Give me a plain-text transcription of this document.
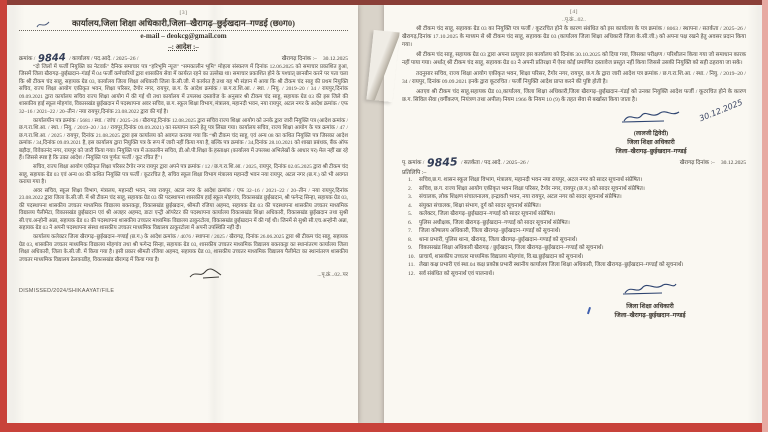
[3]
कार्यालय,जिला शिक्षा अधिकारी,जिला–खैरागढ़–छुईखदान–गण्डई (छ0ग0)
e-mail – deokcg@gmail.com
–: आदेश :–
क्रमांक / 9844 / कार्यालय / पद.आदे. / 2025–26 /	खैरागढ़ दिनांक :– 30.12.2025

“दो जिलों में फर्जी नियुक्ति का नेटवर्क” दैनिक समाचार पत्र “हरिभूमि न्यूज” “समकालीन भूमि” मोहला संस्करण में दिनांक 12.06.2025 को समाचार प्रकाशित हुआ, जिसमें जिला खैरागढ़–छुईखदान–गंडई में 04 फर्जी कर्मचारियों द्वारा शासकीय सेवा में कार्यरत रहने का उल्लेख था। समाचार प्रकाशित होने के पश्चात् छानबीन करने पर पता चला कि श्री टीकम चंद साहू, सहायक ग्रेड 03, कार्यालय जिला शिक्षा अधिकारी जिला के.सी.जी. में कार्यरत है तथा यह भी संज्ञान में आया कि श्री टीकम चंद साहू की प्रथम नियुक्ति सचिव, राज्य शिक्षा आयोग एकीकृत भवन, शिक्षा परिसर, टैगोर नगर, रायपुर, छ.ग. के आदेश क्रमांक / छ.ग.रा.शि.आ. / स्था. / नियु. / 2019–20 / 34 / रायपुर,दिनांक 09.09.2021 द्वारा कार्यालय सचिव राज्य शिक्षा आयोग में की गई थी तथा कार्यालय में उपलब्ध दस्तावेज के अनुसार श्री टीकम चंद साहू, सहायक ग्रेड 03 की इस जिले की शासकीय हाई स्कूल मोहगांव, विकासखंड छुईखदान में पदस्थापना अवर सचिव, छ.ग. स्कूल शिक्षा विभाग, मंत्रालय, महानदी भवन, नया रायपुर, अटल नगर के आदेश क्रमांक / एफ 32–16 / 2021–22 / 20–तीन / नया रायपुर,दिनांक 23.08.2022 द्वारा की गई है।

कार्यालयीन पत्र क्रमांक / 5681 / स्था. / जांच / 2025–26 / खैरागढ़,दिनांक 12.08.2025 द्वारा सचिव राज्य शिक्षा आयोग को उनके द्वारा जारी नियुक्ति पत्र (आदेश क्रमांक / छ.ग.रा.शि.आ. / स्था. / नियु. / 2019–20 / 34 / रायपुर,दिनांक 09.09.2021) का सत्यापन करने हेतु पत्र लिखा गया। कार्यालय सचिव, राज्य शिक्षा आयोग के पत्र क्रमांक / 47 / छ.ग.रा.शि.आ. / 2025 / रायपुर, दिनांक 21.08.2025 द्वारा इस कार्यालय को अवगत कराया गया कि “श्री टीकम चंद साहू, एवं अन्य 08 का कथित नियुक्ति पत्र जिसका आदेश क्रमांक / 34,दिनांक 09.09.2021 है, इस कार्यालय द्वारा नियुक्ति पत्र के रूप में जारी नहीं किया गया है, बल्कि पत्र क्रमांक / 34,दिनांक 28.10.2021 को शाखा प्रबंधक, बैंक ऑफ बड़ौदा, विवेकानंद नगर, रायपुर को जारी किया गया। नियुक्ति पत्र में तत्कालीन सचिव, डी.ओ.पी.शिक्षा के हस्ताक्षर (कार्यालय में उपलब्ध अभिलेखों के आधार पर) मेल नहीं खा रहे हैं। जिससे स्पष्ट है कि उक्त आदेश / नियुक्ति पत्र पूर्णतः फर्जी / कूट रचित हैं”।

सचिव, राज्य शिक्षा आयोग एकीकृत शिक्षा परिसर टैगोर नगर रायपुर द्वारा अपने पत्र क्रमांक / 12 / छ.ग.रा.शि.आ. / 2025, रायपुर, दिनांक 02.05.2025 द्वारा श्री टीकम चंद साहू, सहायक ग्रेड 03 एवं अन्य 08 की कथित नियुक्ति पत्र फर्जी / कूटरचित है, सचिव स्कूल शिक्षा विभाग मंत्रालय महानदी भवन नया रायपुर, अटल नगर (छ.ग.) को भी अवगत कराया गया है।

अवर सचिव, स्कूल शिक्षा विभाग, मंत्रालय, महानदी भवन, नया रायपुर, अटल नगर के आदेश क्रमांक / एफ 32–16 / 2021–22 / 20–तीन / नया रायपुर,दिनांक 23.08.2022 द्वारा जिला के.सी.जी. में श्री टीकम चंद साहू, सहायक ग्रेड 03 की पदस्थापना शासकीय हाई स्कूल मोहगांव, विकासखंड छुईखदान, श्री फगेन्द्र सिन्हा, सहायक ग्रेड 03, की पदस्थापना शासकीय उच्चतर माध्यमिक विद्यालय बकरकट्टा, विकासखंड छुईखदान, श्रीमती रजिया अहमद, सहायक ग्रेड 03 की पदस्थापना शासकीय उच्चतर माध्यमिक विद्यालय पैलीमेटा, विकासखंड छुईखदान एवं श्री अजहर अहमद, डाटा एन्ट्री ऑपरेटर की पदस्थापना कार्यालय विकासखंड शिक्षा अधिकारी, विकासखंड छुईखदान तथा सुश्री सी.एच.अन्होनी अन्ना, सहायक ग्रेड 03 की पदस्थापना शासकीय उच्चतर माध्यमिक विद्यालय ठाकुरटोला, विकासखंड छुईखदान में की गई थी। जिनमें से सुश्री सी.एच.अन्होनी अन्ना, सहायक ग्रेड 03 ने अपनी पदस्थापना संस्था शासकीय उच्चतर माध्यमिक विद्यालय ठाकुरटोला में अपनी उपस्थिति नहीं दी।

कार्यालय कलेक्टर जिला खैरागढ़–छुईखदान–गण्डई (छ.ग.) के आदेश क्रमांक / 4076 / स्थापना / 2025 / खैरागढ़, दिनांक 26.06.2025 द्वारा श्री टीकम चंद साहू, सहायक ग्रेड 03, शासकीय उच्चतर माध्यमिक विद्यालय मोहगांव तथा श्री फगेन्द्र सिन्हा, सहायक ग्रेड 03, शासकीय उच्चतर माध्यमिक विद्यालय बकरकट्टा का स्थानांतरण कार्यालय जिला शिक्षा अधिकारी, जिला के.सी.जी. में किया गया है। इसी प्रकार श्रीमती रजिया अहमद, सहायक ग्रेड 03, शासकीय उच्चतर माध्यमिक विद्यालय पैलीमेटा का स्थानांतरण शासकीय उच्चतर माध्यमिक विद्यालय ठेलकाडीह, विकासखंड खैरागढ़ में किया गया है।

...पृ.क्रं...02..पर
DISMISSED/2024/SHIKAAYAT/FILE
[4]
..पृ.क्रं...02..

श्री टीकम चंद साहू, सहायक ग्रेड 03 का नियुक्ति पत्र फर्जी / कूटरचित होने के कारण संबंधित को इस कार्यालय के पत्र क्रमांक / 8063 / स्थापना / सतर्कता / 2025–26 / खैरागढ़,दिनांक 17.10.2025 के माध्यम से श्री टीकम चंद साहू, सहायक ग्रेड 03 (कार्यालय जिला शिक्षा अधिकारी जिला के.सी.जी.) को अपना पक्ष रखने हेतु अवसर प्रदान किया गया।

श्री टीकम चंद साहू, सहायक ग्रेड 03 द्वारा अपना प्रत्युत्तर इस कार्यालय को दिनांक 30.10.2025 को दिया गया, जिसका परीक्षण / परिशीलन किया गया जो समाधान कारक नहीं पाया गया। अर्थात् श्री टीकम चंद साहू, सहायक ग्रेड 03 ने अपनी प्रतिरक्षा में ऐसा कोई प्रमाणित दस्तावेज प्रस्तुत नहीं किया जिससे उसकी नियुक्ति को सही ठहराया जा सके।

तदनुसार सचिव, राज्य शिक्षा आयोग एकीकृत भवन, शिक्षा परिसर, टैगोर नगर, रायपुर, छ.ग.के द्वारा जारी आदेश पत्र क्रमांक / छ.ग.रा.शि.आ. / स्था. / नियु. / 2019–20 / 34 / रायपुर, दिनांक 09.09.2021 इनके द्वारा कूटरचित / फर्जी नियुक्ति आदेश प्राप्त करने की पुष्टि होती है।

अतएव श्री टीकम चंद साहू,सहायक ग्रेड 03,कार्यालय, जिला शिक्षा अधिकारी,जिला खैरागढ़–छुईखदान–गंडई को उनका नियुक्ति आदेश फर्जी / कूटरचित होने के कारण छ.ग. सिविल सेवा (वर्गीकरण, नियंत्रण तथा अपील) नियम 1966 के नियम 10 (9) के तहत सेवा से बर्खास्त किया जाता है।	30.12.2025
(लालजी द्विवेदी)
जिला शिक्षा अधिकारी
जिला–खैरागढ़–छुईखदान–गण्डई
पृ. क्रमांक / 9845 / सतर्कता / पद.आदे. / 2025–26 /	खैरागढ़ दिनांक :– 30.12.2025
प्रतिलिपि :–
1.	सचिव,छ.ग. शासन स्कूल शिक्षा विभाग, मंत्रालय, महानदी भवन नया रायपुर, अटल नगर को सादर सूचनार्थ संप्रेषित।
2.	सचिव, छ.ग. राज्य शिक्षा आयोग एकीकृत भवन शिक्षा परिसर, टैगोर नगर, रायपुर (छ.ग.) को सादर सूचनार्थ संप्रेषित।
3.	संचालक, लोक शिक्षण संचालनालय, इन्द्रावती भवन, नया रायपुर, अटल नगर को सादर सूचनार्थ संप्रेषित।
4.	संयुक्त संचालक, शिक्षा संभाग, दुर्ग को सादर सूचनार्थ संप्रेषित।
5.	कलेक्टर, जिला खैरागढ़–छुईखदान–गण्डई को सादर सूचनार्थ संप्रेषित।
6.	पुलिस अधीक्षक, जिला खैरागढ़–छुईखदान–गण्डई को सादर सूचनार्थ संप्रेषित।
7.	जिला कोषालय अधिकारी, जिला खैरागढ़–छुईखदान–गण्डई को सूचनार्थ।
8.	थाना प्रभारी, पुलिस थाना, खैरागढ़, जिला खैरागढ़–छुईखदान–गण्डई को सूचनार्थ।
9.	विकासखंड शिक्षा अधिकारी खैरागढ़ / छुईखदान, जिला खैरागढ़–छुईखदान–गण्डई को सूचनार्थ।
10. प्राचार्य, शासकीय उच्चतर माध्यमिक विद्यालय मोहगांव, वि.ख.छुईखदान को सूचनार्थ।
11. लेखा कक्ष प्रभारी एवं स्था.04 कक्ष प्रकोष्ठ प्रभारी स्थानीय कार्यालय जिला शिक्षा अधिकारी, जिला खैरागढ़–छुईखदान–गण्डई को सूचनार्थ।
12. सर्व संबंधित को सूचनार्थ एवं पालनार्थ।
जिला शिक्षा अधिकारी
जिला–खैरागढ़–छुईखदान–गण्डई
